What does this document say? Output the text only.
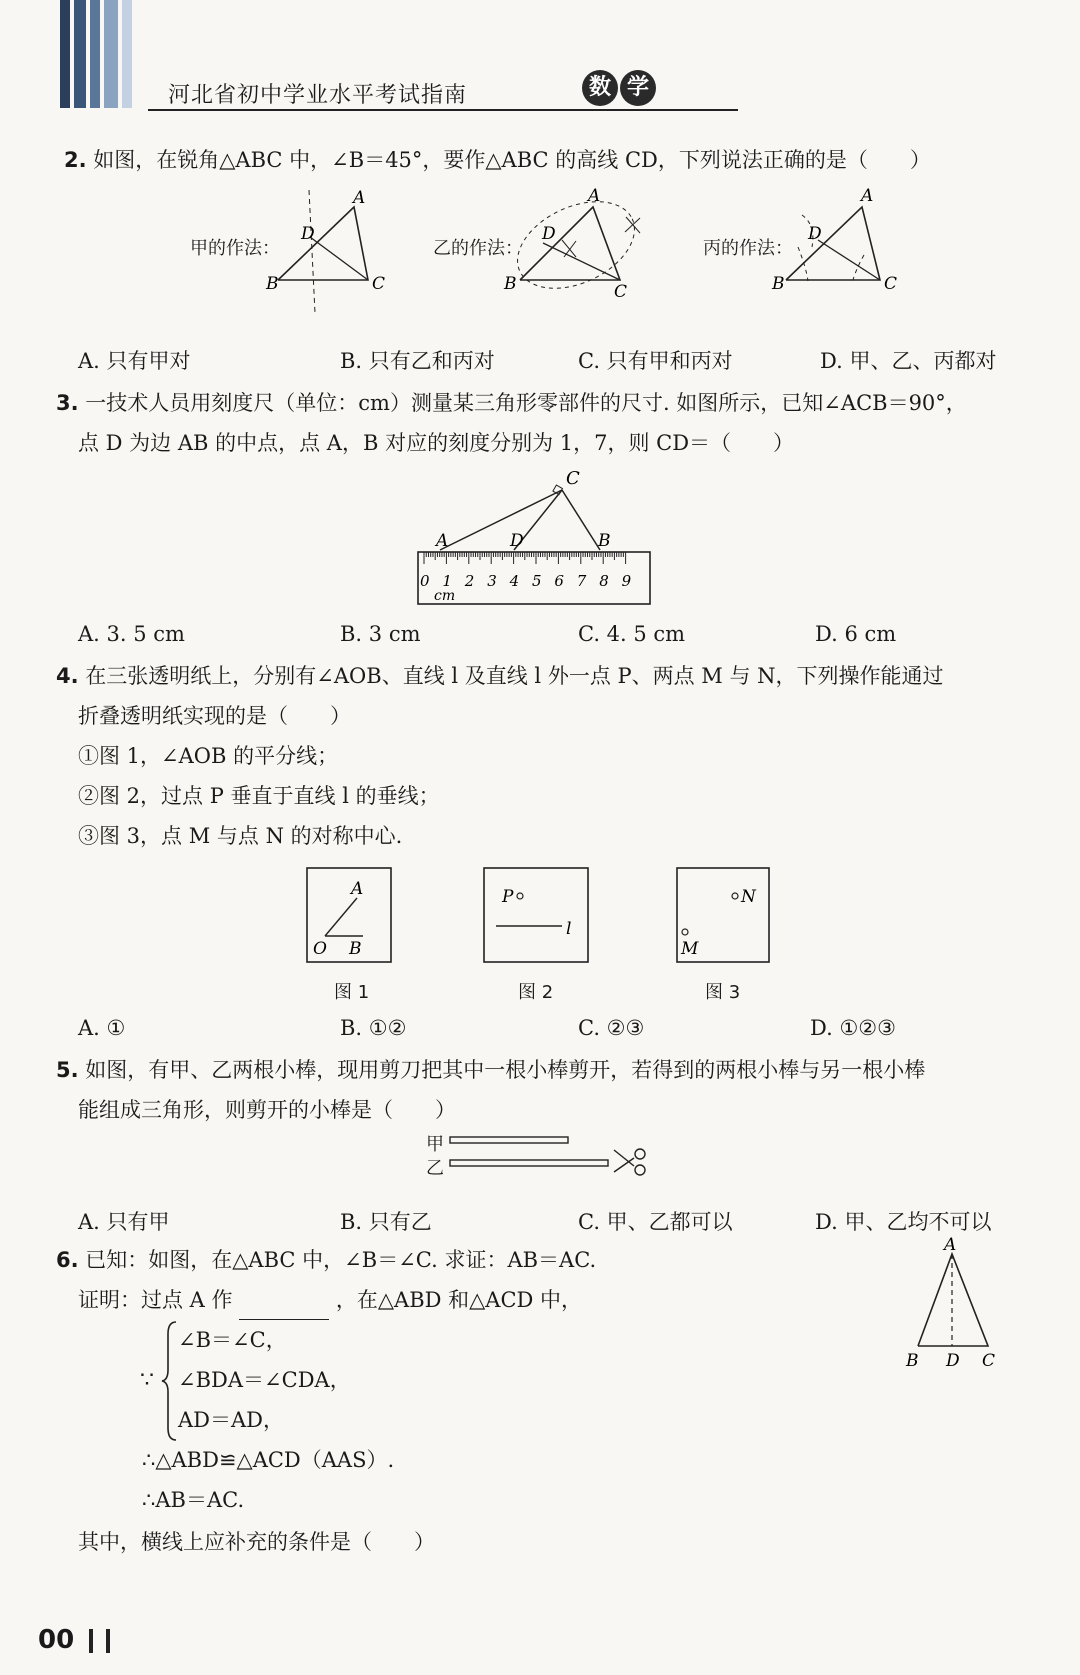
河北省初中学业水平考试指南	数 学
2. 如图，在锐角△ABC 中，∠B＝45°，要作△ABC 的高线 CD，下列说法正确的是（　　）
甲的作法：	乙的作法：	丙的作法：
A
B	C
D
A
B	C
D
A
B	C
D
A. 只有甲对	B. 只有乙和丙对	C. 只有甲和丙对	D. 甲、乙、丙都对
3. 一技术人员用刻度尺（单位：cm）测量某三角形零部件的尺寸. 如图所示，已知∠ACB＝90°，
点 D 为边 AB 的中点，点 A，B 对应的刻度分别为 1，7，则 CD＝（　　）
C
A	D	B
0 1 2 3 4 5 6 7 8 9
cm
A. 3. 5 cm	B. 3 cm	C. 4. 5 cm	D. 6 cm
4. 在三张透明纸上，分别有∠AOB、直线 l 及直线 l 外一点 P、两点 M 与 N，下列操作能通过
折叠透明纸实现的是（　　）
①图 1，∠AOB 的平分线；
②图 2，过点 P 垂直于直线 l 的垂线；
③图 3，点 M 与点 N 的对称中心.
A
O B
P
l
N
M
图 1	图 2	图 3
A. ①	B. ①②	C. ②③	D. ①②③
5. 如图，有甲、乙两根小棒，现用剪刀把其中一根小棒剪开，若得到的两根小棒与另一根小棒
能组成三角形，则剪开的小棒是（　　）
甲
乙
A. 只有甲	B. 只有乙	C. 甲、乙都可以	D. 甲、乙均不可以
6. 已知：如图，在△ABC 中，∠B＝∠C. 求证：AB＝AC.
证明：过点 A 作	，在△ABD 和△ACD 中，
∵
∠B＝∠C，
∠BDA＝∠CDA，
AD＝AD，
∴△ABD≌△ACD（AAS）.
∴AB＝AC.
其中，横线上应补充的条件是（　　）
A
B D C
00
